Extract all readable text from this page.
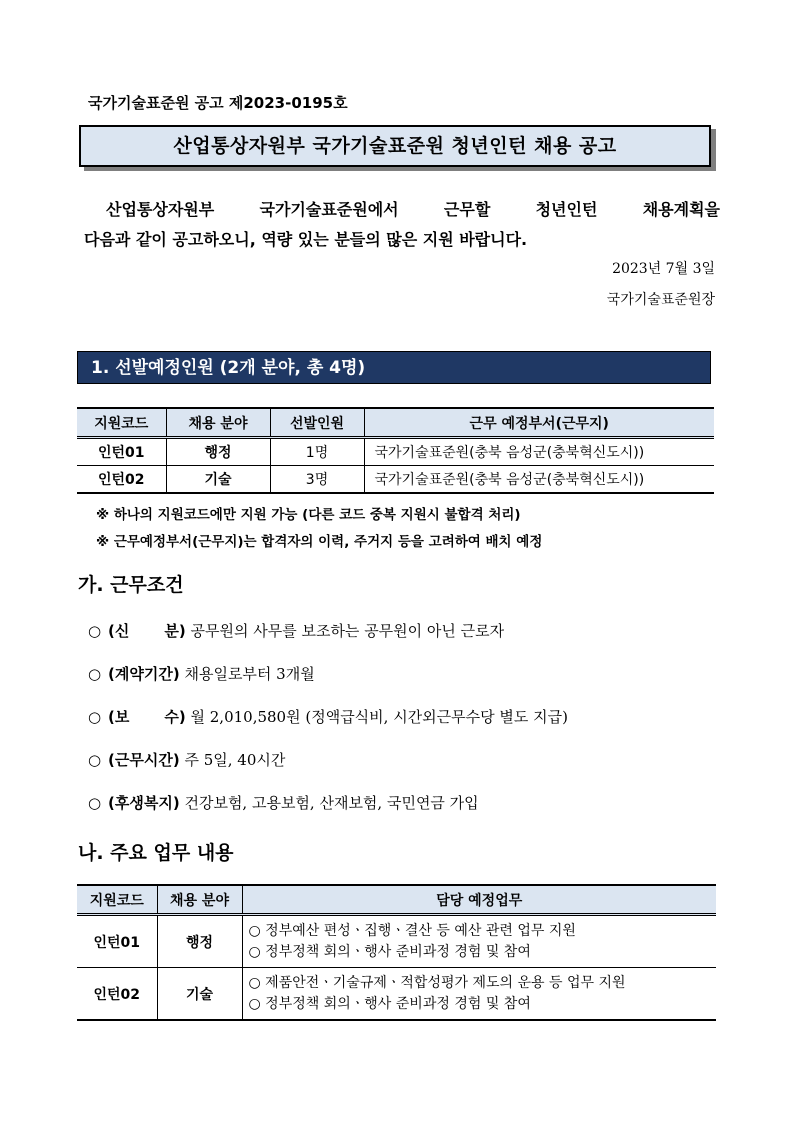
국가기술표준원 공고 제2023-0195호
산업통상자원부 국가기술표준원 청년인턴 채용 공고
산업통상자원부	국가기술표준원에서	근무할	청년인턴	채용계획을
다음과 같이 공고하오니, 역량 있는 분들의 많은 지원 바랍니다.
2023년 7월 3일
국가기술표준원장
1. 선발예정인원 (2개 분야, 총 4명)
지원코드	채용 분야	선발인원	근무 예정부서(근무지)
인턴01	행정	1명	국가기술표준원(충북 음성군(충북혁신도시))
인턴02	기술	3명	국가기술표준원(충북 음성군(충북혁신도시))
※ 하나의 지원코드에만 지원 가능 (다른 코드 중복 지원시 불합격 처리)
※ 근무예정부서(근무지)는 합격자의 이력, 주거지 등을 고려하여 배치 예정
가. 근무조건
○ (신 분) 공무원의 사무를 보조하는 공무원이 아닌 근로자
○ (계약기간) 채용일로부터 3개월
○ (보 수) 월 2,010,580원 (정액급식비, 시간외근무수당 별도 지급)
○ (근무시간) 주 5일, 40시간
○ (후생복지) 건강보험, 고용보험, 산재보험, 국민연금 가입
나. 주요 업무 내용
지원코드	채용 분야	담당 예정업무
인턴01	행정	○ 정부예산 편성ㆍ집행ㆍ결산 등 예산 관련 업무 지원
○ 정부정책 회의ㆍ행사 준비과정 경험 및 참여

인턴02	기술	○ 제품안전ㆍ기술규제ㆍ적합성평가 제도의 운용 등 업무 지원
○ 정부정책 회의ㆍ행사 준비과정 경험 및 참여
